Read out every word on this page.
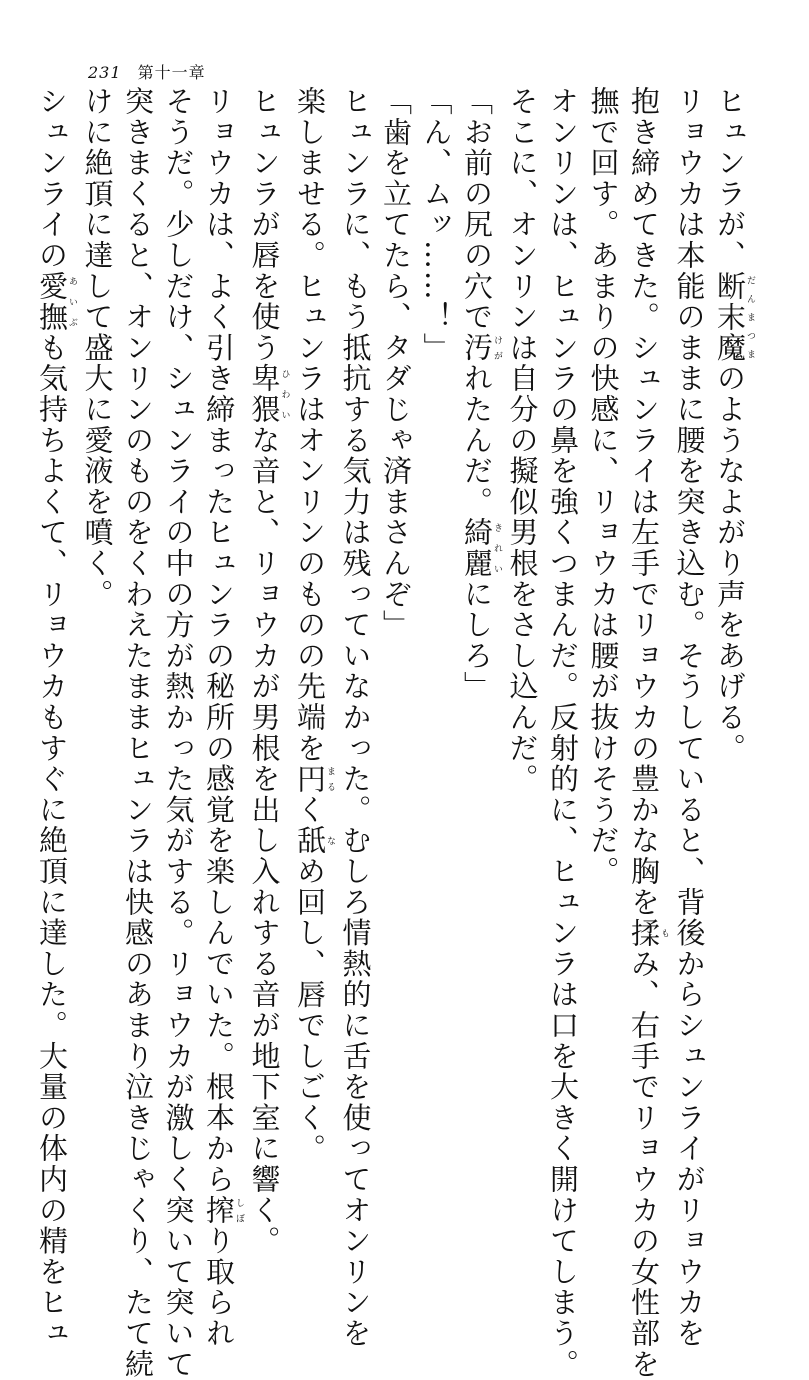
231 第十一章
ヒュンラが、断末魔だんまつまのようなよがり声をあげる。
リョウカは本能のままに腰を突き込む。そうしていると、背後からシュンライがリョウカを
抱き締めてきた。シュンライは左手でリョウカの豊かな胸を揉もみ、右手でリョウカの女性部を
撫で回す。あまりの快感に、リョウカは腰が抜けそうだ。
オンリンは、ヒュンラの鼻を強くつまんだ。反射的に、ヒュンラは口を大きく開けてしまう。
そこに、オンリンは自分の擬似男根をさし込んだ。
「お前の尻の穴で汚けがれたんだ。綺麗きれいにしろ」
「ん、ムッ……！」
「歯を立てたら、タダじゃ済まさんぞ」
ヒュンラに、もう抵抗する気力は残っていなかった。むしろ情熱的に舌を使ってオンリンを
楽しませる。ヒュンラはオンリンのものの先端を円まるく舐なめ回し、唇でしごく。
ヒュンラが唇を使う卑猥ひわいな音と、リョウカが男根を出し入れする音が地下室に響く。
リョウカは、よく引き締まったヒュンラの秘所の感覚を楽しんでいた。根本から搾しぼり取られ
そうだ。少しだけ、シュンライの中の方が熱かった気がする。リョウカが激しく突いて突いて
突きまくると、オンリンのものをくわえたままヒュンラは快感のあまり泣きじゃくり、たて続
けに絶頂に達して盛大に愛液を噴く。
シュンライの愛撫あいぶも気持ちよくて、リョウカもすぐに絶頂に達した。大量の体内の精をヒュ
